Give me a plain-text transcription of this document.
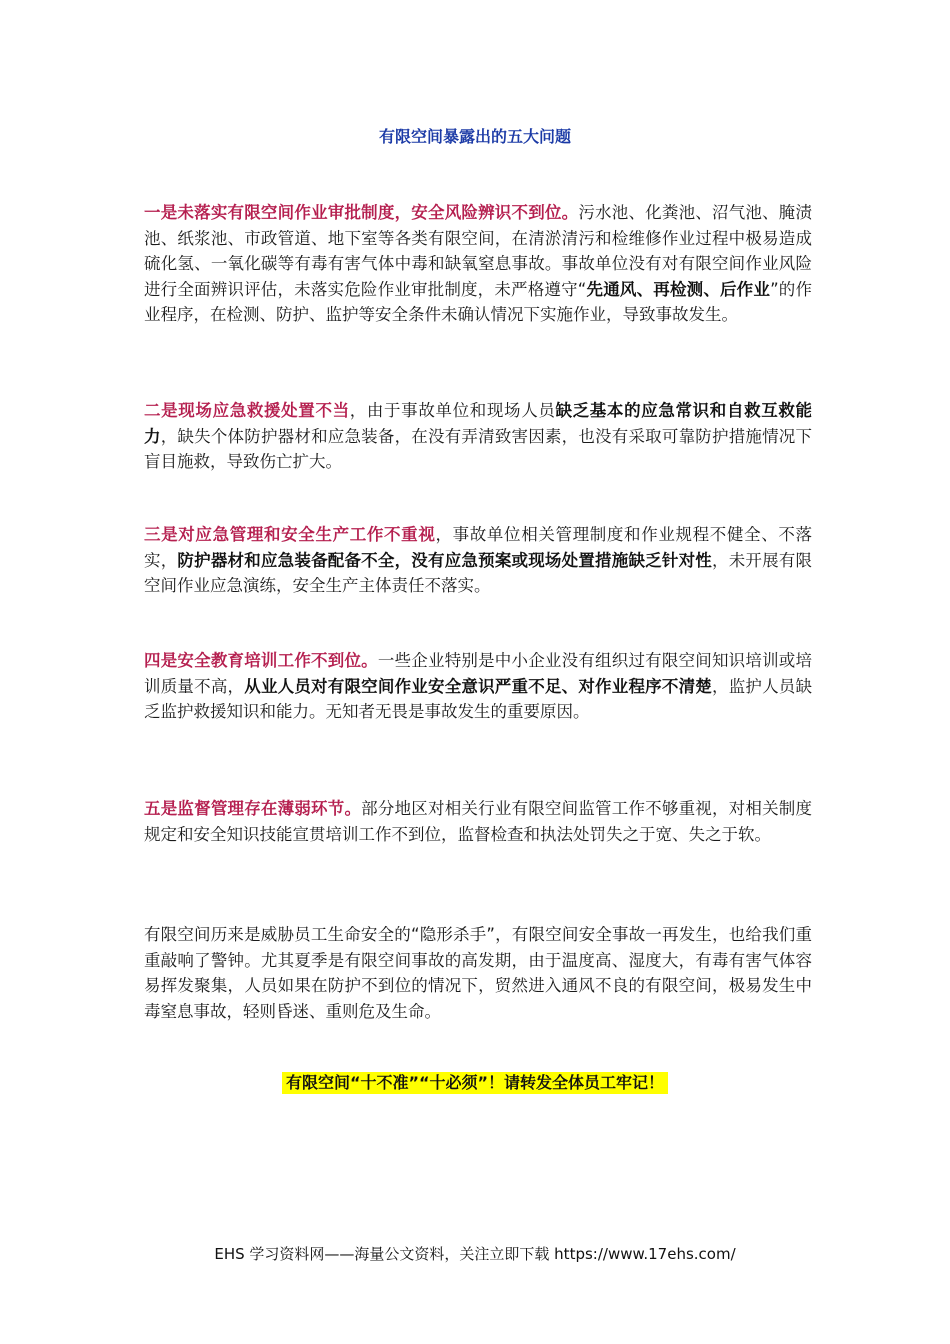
有限空间暴露出的五大问题

一是未落实有限空间作业审批制度，安全风险辨识不到位。污水池、化粪池、沼气池、腌渍池、纸浆池、市政管道、地下室等各类有限空间，在清淤清污和检维修作业过程中极易造成硫化氢、一氧化碳等有毒有害气体中毒和缺氧窒息事故。事故单位没有对有限空间作业风险进行全面辨识评估，未落实危险作业审批制度，未严格遵守“先通风、再检测、后作业”的作业程序，在检测、防护、监护等安全条件未确认情况下实施作业，导致事故发生。

二是现场应急救援处置不当，由于事故单位和现场人员缺乏基本的应急常识和自救互救能力，缺失个体防护器材和应急装备，在没有弄清致害因素，也没有采取可靠防护措施情况下盲目施救，导致伤亡扩大。

三是对应急管理和安全生产工作不重视，事故单位相关管理制度和作业规程不健全、不落实，防护器材和应急装备配备不全，没有应急预案或现场处置措施缺乏针对性，未开展有限空间作业应急演练，安全生产主体责任不落实。

四是安全教育培训工作不到位。一些企业特别是中小企业没有组织过有限空间知识培训或培训质量不高，从业人员对有限空间作业安全意识严重不足、对作业程序不清楚，监护人员缺乏监护救援知识和能力。无知者无畏是事故发生的重要原因。

五是监督管理存在薄弱环节。部分地区对相关行业有限空间监管工作不够重视，对相关制度规定和安全知识技能宣贯培训工作不到位，监督检查和执法处罚失之于宽、失之于软。

有限空间历来是威胁员工生命安全的“隐形杀手”，有限空间安全事故一再发生，也给我们重重敲响了警钟。尤其夏季是有限空间事故的高发期，由于温度高、湿度大，有毒有害气体容易挥发聚集，人员如果在防护不到位的情况下，贸然进入通风不良的有限空间，极易发生中毒窒息事故，轻则昏迷、重则危及生命。

有限空间“十不准”“十必须”！请转发全体员工牢记！
EHS 学习资料网——海量公文资料，关注立即下载 https://www.17ehs.com/
